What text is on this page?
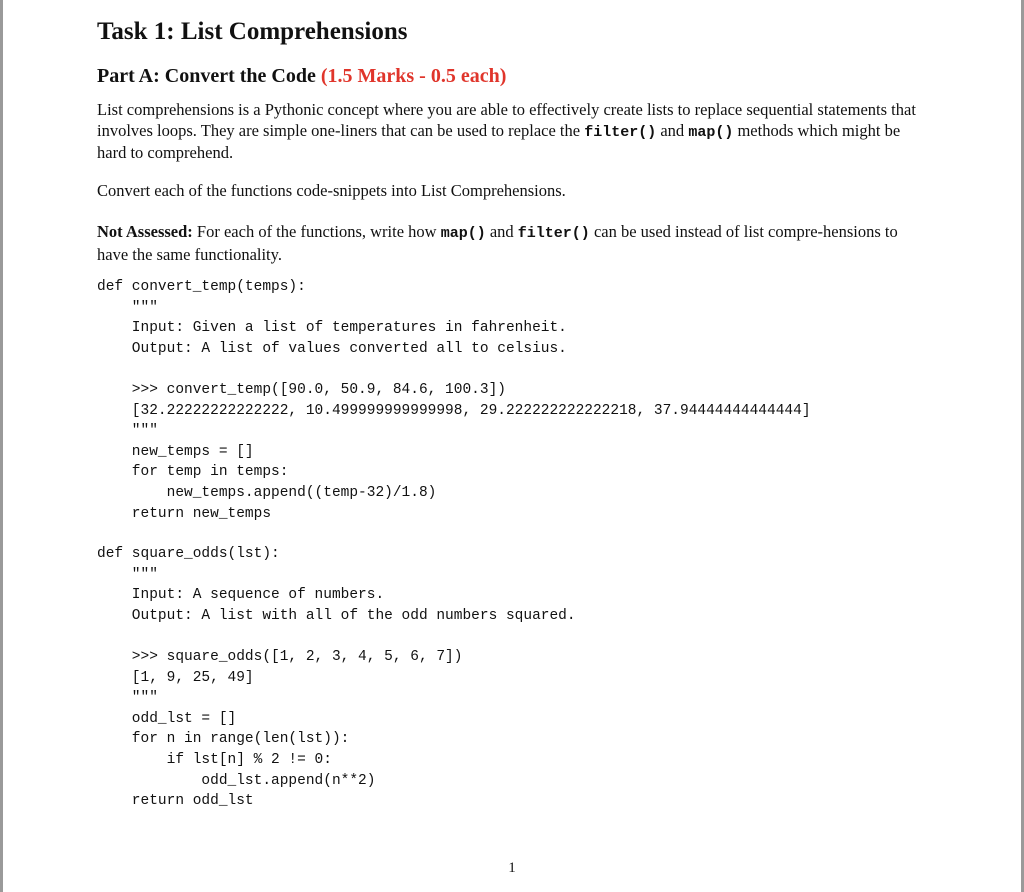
Task 1: List Comprehensions
Part A: Convert the Code (1.5 Marks - 0.5 each)

List comprehensions is a Pythonic concept where you are able to effectively create lists to replace sequential statements that involves loops. They are simple one-liners that can be used to replace the filter() and map() methods which might be hard to comprehend.

Convert each of the functions code-snippets into List Comprehensions.

Not Assessed: For each of the functions, write how map() and filter() can be used instead of list compre-hensions to have the same functionality.

def convert_temp(temps):
"""
Input: Given a list of temperatures in fahrenheit.
Output: A list of values converted all to celsius.
>>> convert_temp([90.0, 50.9, 84.6, 100.3])
[32.22222222222222, 10.499999999999998, 29.222222222222218, 37.94444444444444]
"""
new_temps = []
for temp in temps:
new_temps.append((temp-32)/1.8)
return new_temps
def square_odds(lst):
"""
Input: A sequence of numbers.
Output: A list with all of the odd numbers squared.
>>> square_odds([1, 2, 3, 4, 5, 6, 7])
[1, 9, 25, 49]
"""
odd_lst = []
for n in range(len(lst)):
if lst[n] % 2 != 0:
odd_lst.append(n**2)
return odd_lst
1
